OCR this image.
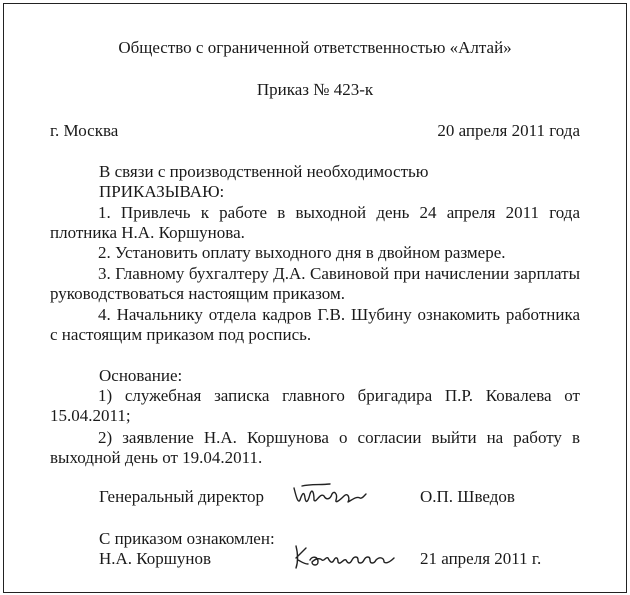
Общество с ограниченной ответственностью «Алтай»
Приказ № 423-к
г. Москва	20 апреля 2011 года
В связи с производственной необходимостью
ПРИКАЗЫВАЮ:
1. Привлечь к работе в выходной день 24 апреля 2011 года плотника Н.А. Коршунова.
2. Установить оплату выходного дня в двойном размере.
3. Главному бухгалтеру Д.А. Савиновой при начислении зарплаты руководствоваться настоящим приказом.
4. Начальнику отдела кадров Г.В. Шубину ознакомить работника с настоящим приказом под роспись.
Основание:
1) служебная записка главного бригадира П.Р. Ковалева от 15.04.2011;
2) заявление Н.А. Коршунова о согласии выйти на работу в выходной день от 19.04.2011.
Генеральный директор	О.П. Шведов
С приказом ознакомлен:
Н.А. Коршунов	21 апреля 2011 г.
